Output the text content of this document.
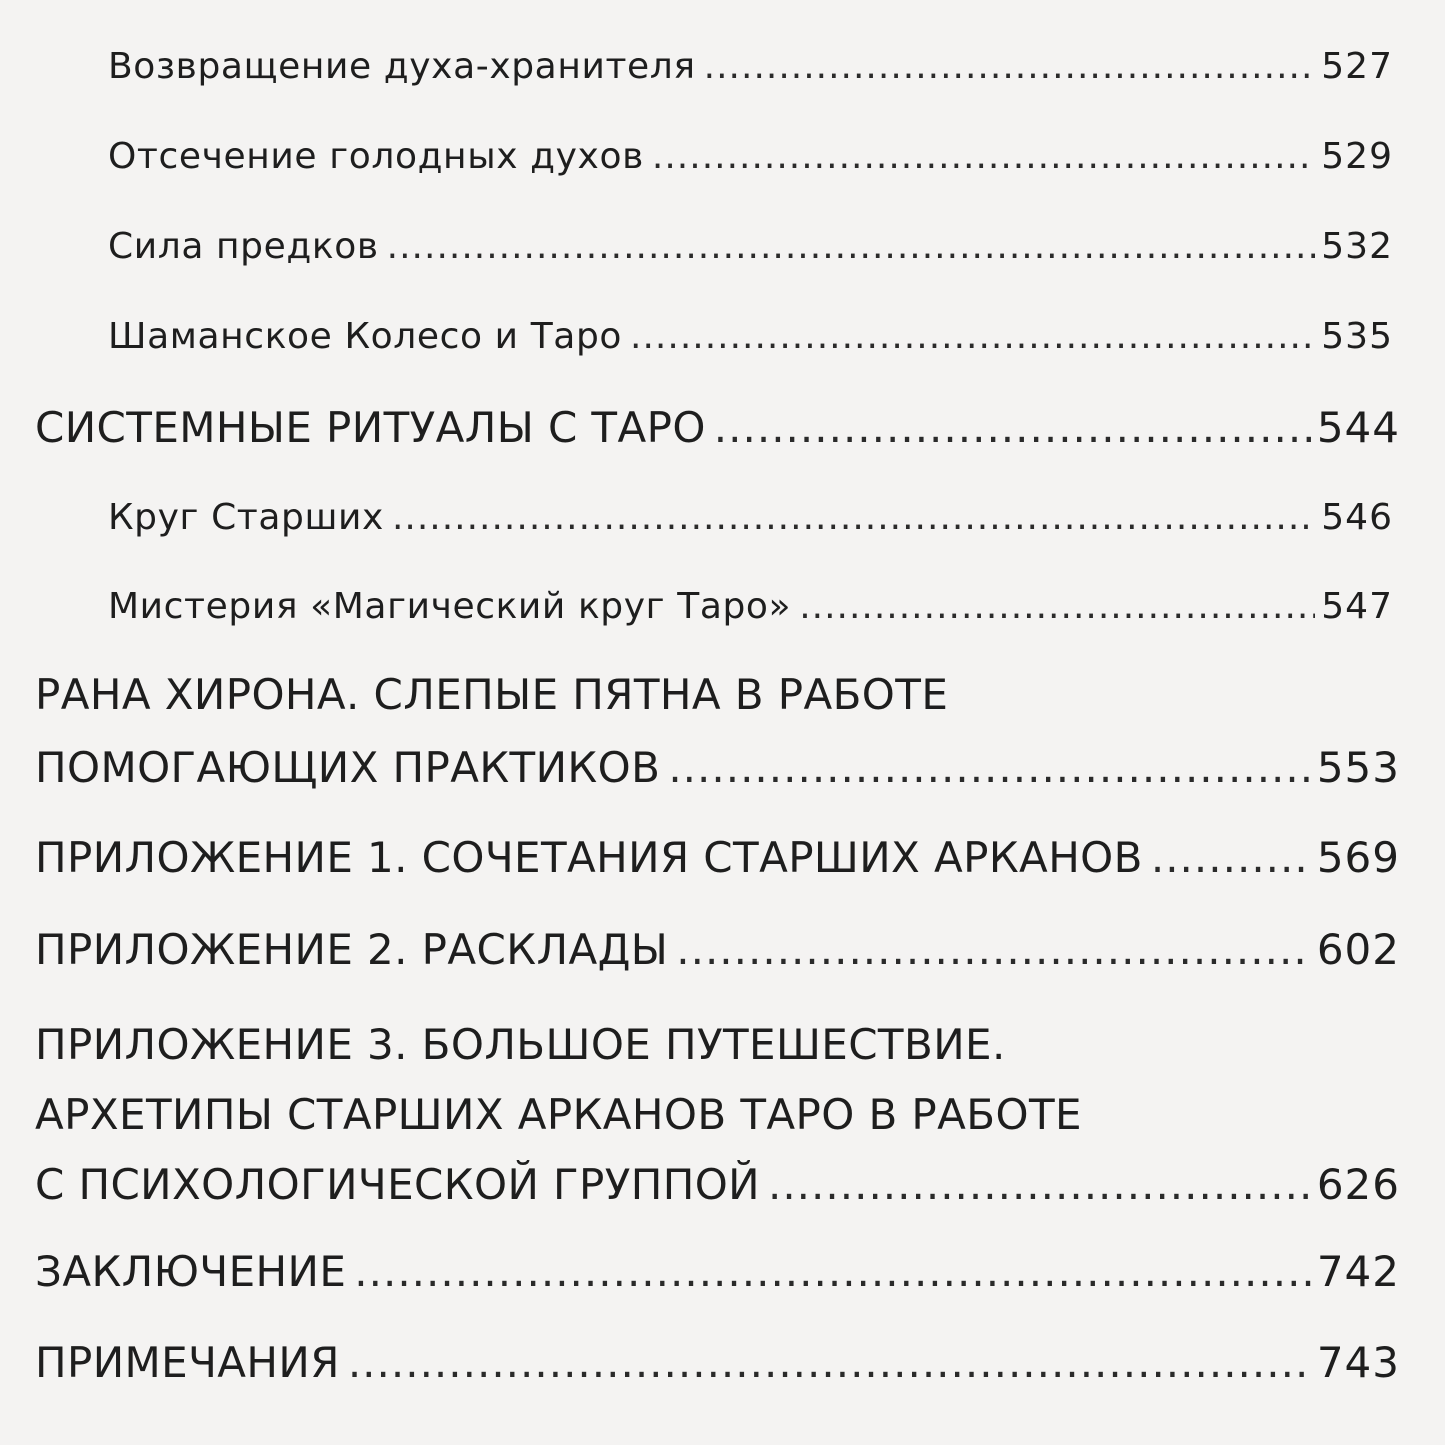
Возвращение духа-хранителя .....	527
Отсечение голодных духов .....	529
Сила предков .....	532
Шаманское Колесо и Таро .....	535
СИСТЕМНЫЕ РИТУАЛЫ С ТАРО .....	544
Круг Старших .....	546
Мистерия «Магический круг Таро» .....	547
РАНА ХИРОНА. СЛЕПЫЕ ПЯТНА В РАБОТЕ
ПОМОГАЮЩИХ ПРАКТИКОВ .....	553
ПРИЛОЖЕНИЕ 1. СОЧЕТАНИЯ СТАРШИХ АРКАНОВ .....	569
ПРИЛОЖЕНИЕ 2. РАСКЛАДЫ .....	602
ПРИЛОЖЕНИЕ 3. БОЛЬШОЕ ПУТЕШЕСТВИЕ.
АРХЕТИПЫ СТАРШИХ АРКАНОВ ТАРО В РАБОТЕ
С ПСИХОЛОГИЧЕСКОЙ ГРУППОЙ .....	626
ЗАКЛЮЧЕНИЕ .....	742
ПРИМЕЧАНИЯ .....	743
